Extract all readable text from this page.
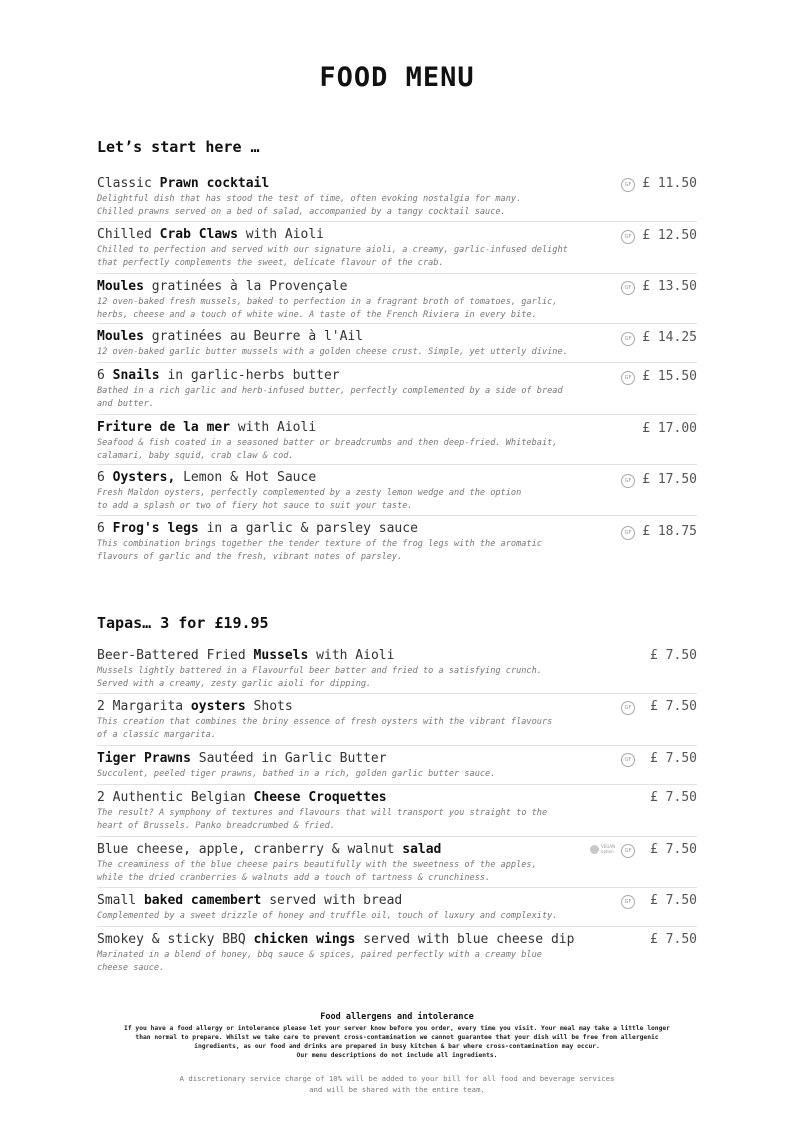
FOOD MENU
Let’s start here …
Classic Prawn cocktail
Delightful dish that has stood the test of time, often evoking nostalgia for many.
Chilled prawns served on a bed of salad, accompanied by a tangy cocktail sauce.
£ 11.50
GF
Chilled Crab Claws with Aioli
Chilled to perfection and served with our signature aioli, a creamy, garlic-infused delight
that perfectly complements the sweet, delicate flavour of the crab.
£ 12.50
GF
Moules gratinées à la Provençale
12 oven-baked fresh mussels, baked to perfection in a fragrant broth of tomatoes, garlic,
herbs, cheese and a touch of white wine. A taste of the French Riviera in every bite.
£ 13.50
GF
Moules gratinées au Beurre à l'Ail
12 oven-baked garlic butter mussels with a golden cheese crust. Simple, yet utterly divine.
£ 14.25
GF
6 Snails in garlic-herbs butter
Bathed in a rich garlic and herb-infused butter, perfectly complemented by a side of bread
and butter.
£ 15.50
GF
Friture de la mer with Aioli
Seafood & fish coated in a seasoned batter or breadcrumbs and then deep-fried. Whitebait,
calamari, baby squid, crab claw & cod.
£ 17.00
6 Oysters, Lemon & Hot Sauce
Fresh Maldon oysters, perfectly complemented by a zesty lemon wedge and the option
to add a splash or two of fiery hot sauce to suit your taste.
£ 17.50
GF
6 Frog's legs in a garlic & parsley sauce
This combination brings together the tender texture of the frog legs with the aromatic
flavours of garlic and the fresh, vibrant notes of parsley.
£ 18.75
GF
Tapas… 3 for £19.95
Beer-Battered Fried Mussels with Aioli
Mussels lightly battered in a Flavourful beer batter and fried to a satisfying crunch.
Served with a creamy, zesty garlic aioli for dipping.
£ 7.50
2 Margarita oysters Shots
This creation that combines the briny essence of fresh oysters with the vibrant flavours
of a classic margarita.
£ 7.50
GF
Tiger Prawns Sautéed in Garlic Butter
Succulent, peeled tiger prawns, bathed in a rich, golden garlic butter sauce.
£ 7.50
GF
2 Authentic Belgian Cheese Croquettes
The result? A symphony of textures and flavours that will transport you straight to the
heart of Brussels. Panko breadcrumbed & fried.
£ 7.50
Blue cheese, apple, cranberry & walnut salad
The creaminess of the blue cheese pairs beautifully with the sweetness of the apples,
while the dried cranberries & walnuts add a touch of tartness & crunchiness.
£ 7.50
GF
VEGAN
option
Small baked camembert served with bread
Complemented by a sweet drizzle of honey and truffle oil, touch of luxury and complexity.
£ 7.50
GF
Smokey & sticky BBQ chicken wings served with blue cheese dip
Marinated in a blend of honey, bbq sauce & spices, paired perfectly with a creamy blue
cheese sauce.
£ 7.50
Food allergens and intolerance
If you have a food allergy or intolerance please let your server know before you order, every time you visit. Your meal may take a little longer
than normal to prepare. Whilst we take care to prevent cross-contamination we cannot guarantee that your dish will be free from allergenic
ingredients, as our food and drinks are prepared in busy kitchen & bar where cross-contamination may occur.
Our menu descriptions do not include all ingredients.
A discretionary service charge of 10% will be added to your bill for all food and beverage services
and will be shared with the entire team.
